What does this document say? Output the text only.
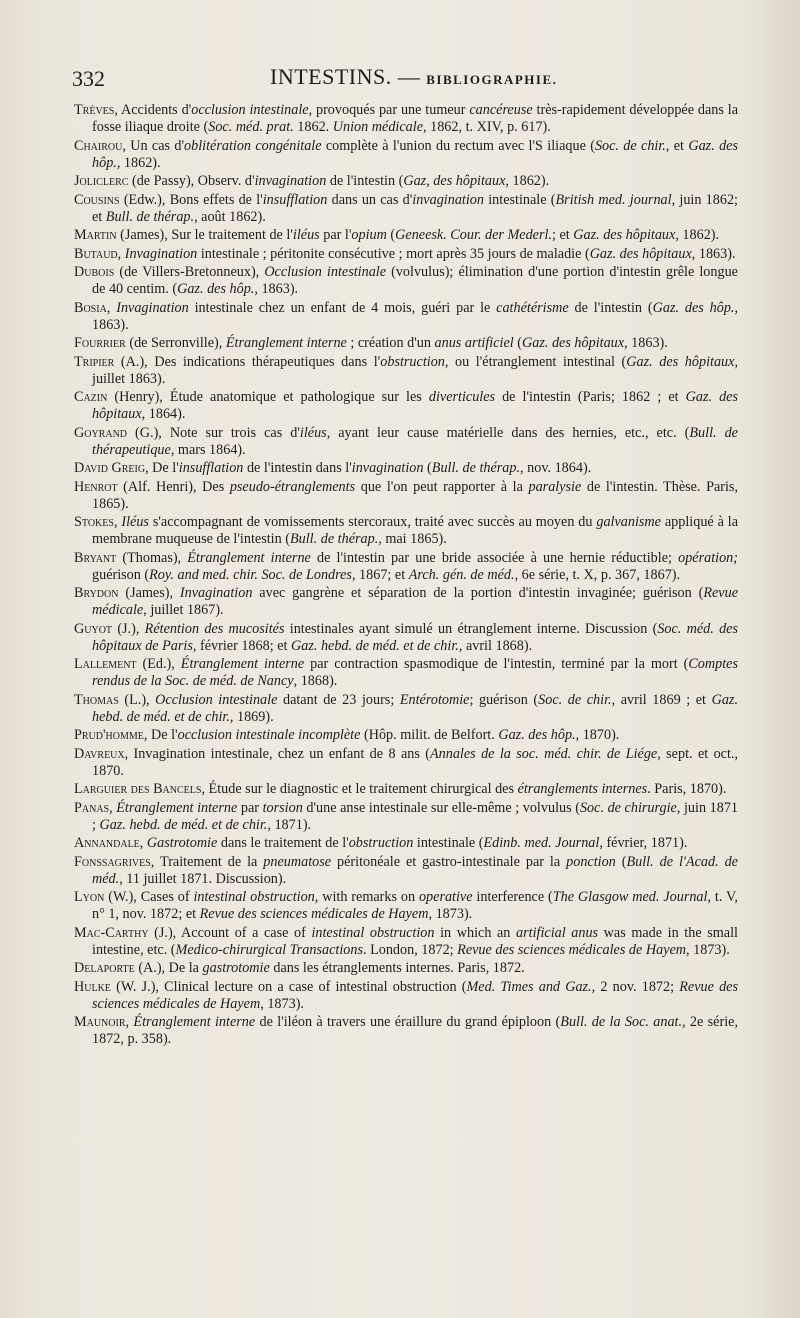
332	INTESTINS. — BIBLIOGRAPHIE.
Trèves, Accidents d'occlusion intestinale, provoqués par une tumeur cancéreuse très-rapidement développée dans la fosse iliaque droite (Soc. méd. prat. 1862. Union médicale, 1862, t. XIV, p. 617).
Chairou, Un cas d'oblitération congénitale complète à l'union du rectum avec l'S iliaque (Soc. de chir., et Gaz. des hôp., 1862).
Joliclerc (de Passy), Observ. d'invagination de l'intestin (Gaz, des hôpitaux, 1862).
Cousins (Edw.), Bons effets de l'insufflation dans un cas d'invagination intestinale (British med. journal, juin 1862; et Bull. de thérap., août 1862).
Martin (James), Sur le traitement de l'iléus par l'opium (Geneesk. Cour. der Mederl.; et Gaz. des hôpitaux, 1862).
Butaud, Invagination intestinale ; péritonite consécutive ; mort après 35 jours de maladie (Gaz. des hôpitaux, 1863).
Dubois (de Villers-Bretonneux), Occlusion intestinale (volvulus); élimination d'une portion d'intestin grêle longue de 40 centim. (Gaz. des hôp., 1863).
Bosia, Invagination intestinale chez un enfant de 4 mois, guéri par le cathétérisme de l'intestin (Gaz. des hôp., 1863).
Fourrier (de Serronville), Étranglement interne ; création d'un anus artificiel (Gaz. des hôpitaux, 1863).
Tripier (A.), Des indications thérapeutiques dans l'obstruction, ou l'étranglement intestinal (Gaz. des hôpitaux, juillet 1863).
Cazin (Henry), Étude anatomique et pathologique sur les diverticules de l'intestin (Paris; 1862 ; et Gaz. des hôpitaux, 1864).
Goyrand (G.), Note sur trois cas d'iléus, ayant leur cause matérielle dans des hernies, etc., etc. (Bull. de thérapeutique, mars 1864).
David Greig, De l'insufflation de l'intestin dans l'invagination (Bull. de thérap., nov. 1864).
Henrot (Alf. Henri), Des pseudo-étranglements que l'on peut rapporter à la paralysie de l'intestin. Thèse. Paris, 1865).
Stokes, Iléus s'accompagnant de vomissements stercoraux, traité avec succès au moyen du galvanisme appliqué à la membrane muqueuse de l'intestin (Bull. de thérap., mai 1865).
Bryant (Thomas), Étranglement interne de l'intestin par une bride associée à une hernie réductible; opération; guérison (Roy. and med. chir. Soc. de Londres, 1867; et Arch. gén. de méd., 6e série, t. X, p. 367, 1867).
Brydon (James), Invagination avec gangrène et séparation de la portion d'intestin invaginée; guérison (Revue médicale, juillet 1867).
Guyot (J.), Rétention des mucosités intestinales ayant simulé un étranglement interne. Discussion (Soc. méd. des hôpitaux de Paris, février 1868; et Gaz. hebd. de méd. et de chir., avril 1868).
Lallement (Ed.), Étranglement interne par contraction spasmodique de l'intestin, terminé par la mort (Comptes rendus de la Soc. de méd. de Nancy, 1868).
Thomas (L.), Occlusion intestinale datant de 23 jours; Entérotomie; guérison (Soc. de chir., avril 1869 ; et Gaz. hebd. de méd. et de chir., 1869).
Prud'homme, De l'occlusion intestinale incomplète (Hôp. milit. de Belfort. Gaz. des hôp., 1870).
Davreux, Invagination intestinale, chez un enfant de 8 ans (Annales de la soc. méd. chir. de Liége, sept. et oct., 1870.
Larguier des Bancels, Étude sur le diagnostic et le traitement chirurgical des étranglements internes. Paris, 1870).
Panas, Étranglement interne par torsion d'une anse intestinale sur elle-même ; volvulus (Soc. de chirurgie, juin 1871 ; Gaz. hebd. de méd. et de chir., 1871).
Annandale, Gastrotomie dans le traitement de l'obstruction intestinale (Edinb. med. Journal, février, 1871).
Fonssagrives, Traitement de la pneumatose péritonéale et gastro-intestinale par la ponction (Bull. de l'Acad. de méd., 11 juillet 1871. Discussion).
Lyon (W.), Cases of intestinal obstruction, with remarks on operative interference (The Glasgow med. Journal, t. V, n° 1, nov. 1872; et Revue des sciences médicales de Hayem, 1873).
Mac-Carthy (J.), Account of a case of intestinal obstruction in which an artificial anus was made in the small intestine, etc. (Medico-chirurgical Transactions. London, 1872; Revue des sciences médicales de Hayem, 1873).
Delaporte (A.), De la gastrotomie dans les étranglements internes. Paris, 1872.
Hulke (W. J.), Clinical lecture on a case of intestinal obstruction (Med. Times and Gaz., 2 nov. 1872; Revue des sciences médicales de Hayem, 1873).
Maunoir, Étranglement interne de l'iléon à travers une éraillure du grand épiploon (Bull. de la Soc. anat., 2e série, 1872, p. 358).
